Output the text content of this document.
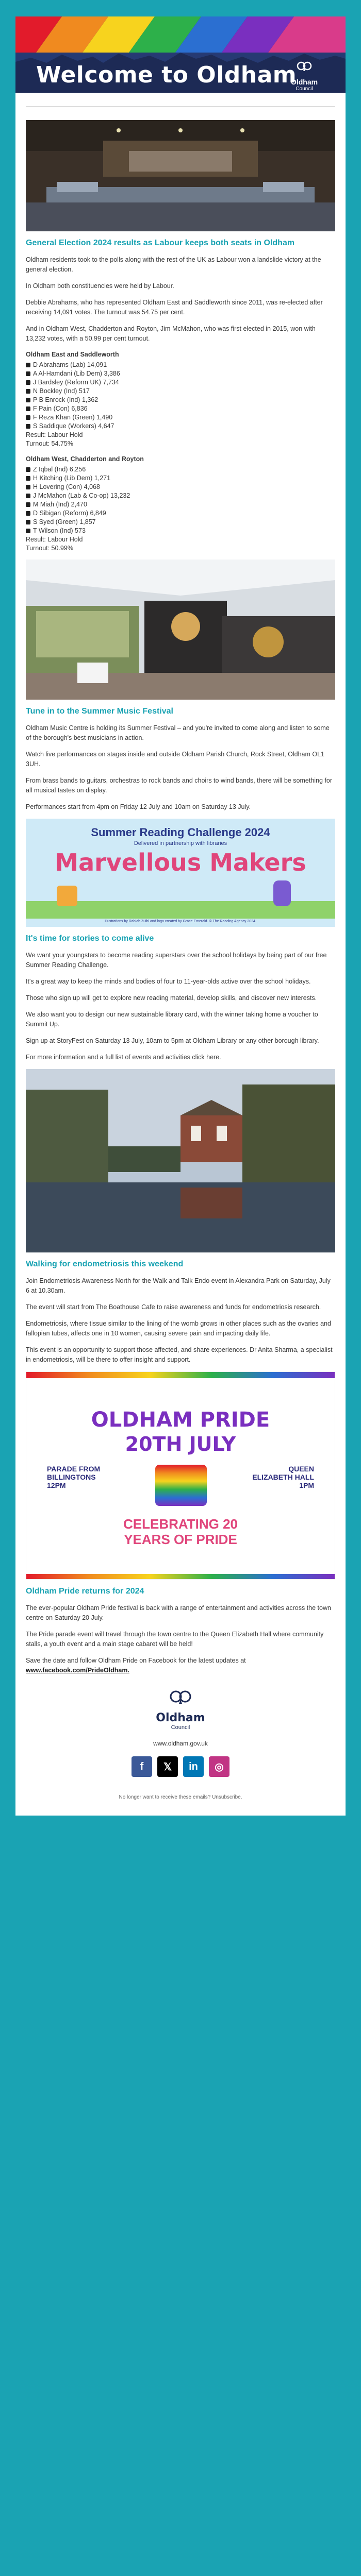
Welcome to Oldham
Oldham
Council
General Election 2024 results as Labour keeps both seats in Oldham

Oldham residents took to the polls along with the rest of the UK as Labour won a landslide victory at the general election.

In Oldham both constituencies were held by Labour.

Debbie Abrahams, who has represented Oldham East and Saddleworth since 2011, was re-elected after receiving 14,091 votes. The turnout was 54.75 per cent.

And in Oldham West, Chadderton and Royton, Jim McMahon, who was first elected in 2015, won with 13,232 votes, with a 50.99 per cent turnout.

Oldham East and Saddleworth
D Abrahams (Lab) 14,091
A Al-Hamdani (Lib Dem) 3,386
J Bardsley (Reform UK) 7,734
N Bockley (Ind) 517
P B Enrock (Ind) 1,362
F Pain (Con) 6,836
F Reza Khan (Green) 1,490
S Saddique (Workers) 4,647
Result: Labour Hold
Turnout: 54.75%
Oldham West, Chadderton and Royton
Z Iqbal (Ind) 6,256
H Kitching (Lib Dem) 1,271
H Lovering (Con) 4,068
J McMahon (Lab & Co-op) 13,232
M Miah (Ind) 2,470
D Sibigan (Reform) 6,849
S Syed (Green) 1,857
T Wilson (Ind) 573
Result: Labour Hold
Turnout: 50.99%
Tune in to the Summer Music Festival

Oldham Music Centre is holding its Summer Festival – and you're invited to come along and listen to some of the borough's best musicians in action.

Watch live performances on stages inside and outside Oldham Parish Church, Rock Street, Oldham OL1 3UH.

From brass bands to guitars, orchestras to rock bands and choirs to wind bands, there will be something for all musical tastes on display.

Performances start from 4pm on Friday 12 July and 10am on Saturday 13 July.

Summer Reading Challenge 2024
Delivered in partnership with libraries
Marvellous Makers
Illustrations by Rabiah Zuibi and logo created by Grace Emerald. © The Reading Agency 2024.
It's time for stories to come alive

We want your youngsters to become reading superstars over the school holidays by being part of our free Summer Reading Challenge.

It's a great way to keep the minds and bodies of four to 11-year-olds active over the school holidays.

Those who sign up will get to explore new reading material, develop skills, and discover new interests.

We also want you to design our new sustainable library card, with the winner taking home a voucher to Summit Up.

Sign up at StoryFest on Saturday 13 July, 10am to 5pm at Oldham Library or any other borough library.

For more information and a full list of events and activities click here.

Walking for endometriosis this weekend

Join Endometriosis Awareness North for the Walk and Talk Endo event in Alexandra Park on Saturday, July 6 at 10.30am.

The event will start from The Boathouse Cafe to raise awareness and funds for endometriosis research.

Endometriosis, where tissue similar to the lining of the womb grows in other places such as the ovaries and fallopian tubes, affects one in 10 women, causing severe pain and impacting daily life.

This event is an opportunity to support those affected, and share experiences. Dr Anita Sharma, a specialist in endometriosis, will be there to offer insight and support.

OLDHAM PRIDE
20TH JULY
PARADE FROM BILLINGTONS 12PM
QUEEN ELIZABETH HALL 1PM
CELEBRATING 20 YEARS OF PRIDE
Oldham Pride returns for 2024

The ever-popular Oldham Pride festival is back with a range of entertainment and activities across the town centre on Saturday 20 July.

The Pride parade event will travel through the town centre to the Queen Elizabeth Hall where community stalls, a youth event and a main stage cabaret will be held!

Save the date and follow Oldham Pride on Facebook for the latest updates at www.facebook.com/PrideOldham.

Oldham
Council
www.oldham.gov.uk
f	𝕏	in	◎
No longer want to receive these emails? Unsubscribe.
